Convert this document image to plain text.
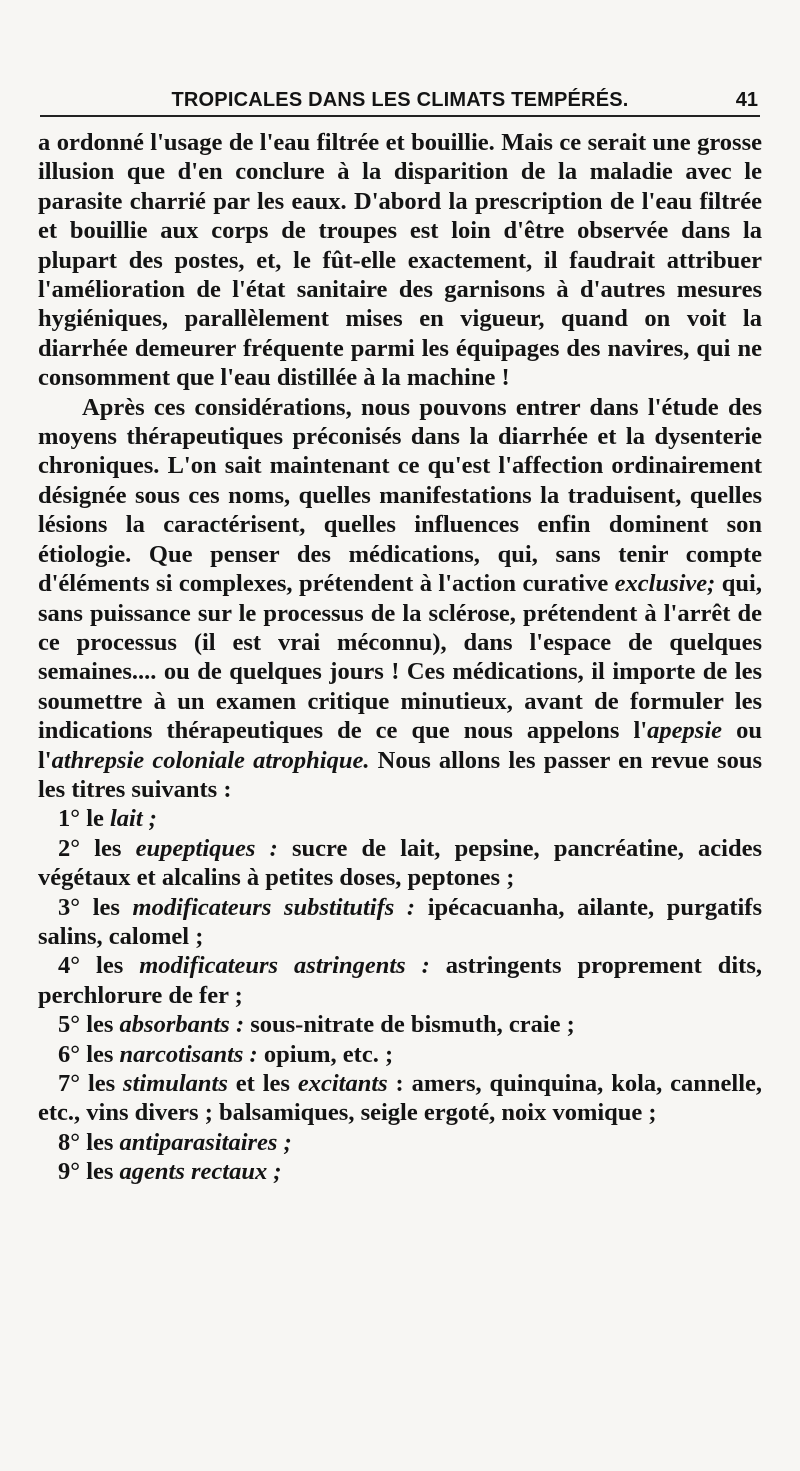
TROPICALES DANS LES CLIMATS TEMPÉRÉS.	41

a ordonné l'usage de l'eau filtrée et bouillie. Mais ce serait une grosse illusion que d'en conclure à la disparition de la maladie avec le parasite charrié par les eaux. D'abord la prescription de l'eau filtrée et bouillie aux corps de troupes est loin d'être observée dans la plupart des postes, et, le fût-elle exactement, il faudrait attribuer l'amélioration de l'état sanitaire des garnisons à d'autres mesures hygiéniques, parallèlement mises en vigueur, quand on voit la diarrhée demeurer fréquente parmi les équipages des navires, qui ne consomment que l'eau distillée à la machine !

Après ces considérations, nous pouvons entrer dans l'étude des moyens thérapeutiques préconisés dans la diarrhée et la dysenterie chroniques. L'on sait maintenant ce qu'est l'affection ordinairement désignée sous ces noms, quelles manifestations la traduisent, quelles lésions la caractérisent, quelles influences enfin dominent son étiologie. Que penser des médications, qui, sans tenir compte d'éléments si complexes, prétendent à l'action curative exclusive; qui, sans puissance sur le processus de la sclérose, prétendent à l'arrêt de ce processus (il est vrai méconnu), dans l'espace de quelques semaines.... ou de quelques jours ! Ces médications, il importe de les soumettre à un examen critique minutieux, avant de formuler les indications thérapeutiques de ce que nous appelons l'apepsie ou l'athrepsie coloniale atrophique. Nous allons les passer en revue sous les titres suivants :

1° le lait ;

2° les eupeptiques : sucre de lait, pepsine, pancréatine, acides végétaux et alcalins à petites doses, peptones ;

3° les modificateurs substitutifs : ipécacuanha, ailante, purgatifs salins, calomel ;

4° les modificateurs astringents : astringents proprement dits, perchlorure de fer ;

5° les absorbants : sous-nitrate de bismuth, craie ;

6° les narcotisants : opium, etc. ;

7° les stimulants et les excitants : amers, quinquina, kola, cannelle, etc., vins divers ; balsamiques, seigle ergoté, noix vomique ;

8° les antiparasitaires ;

9° les agents rectaux ;
